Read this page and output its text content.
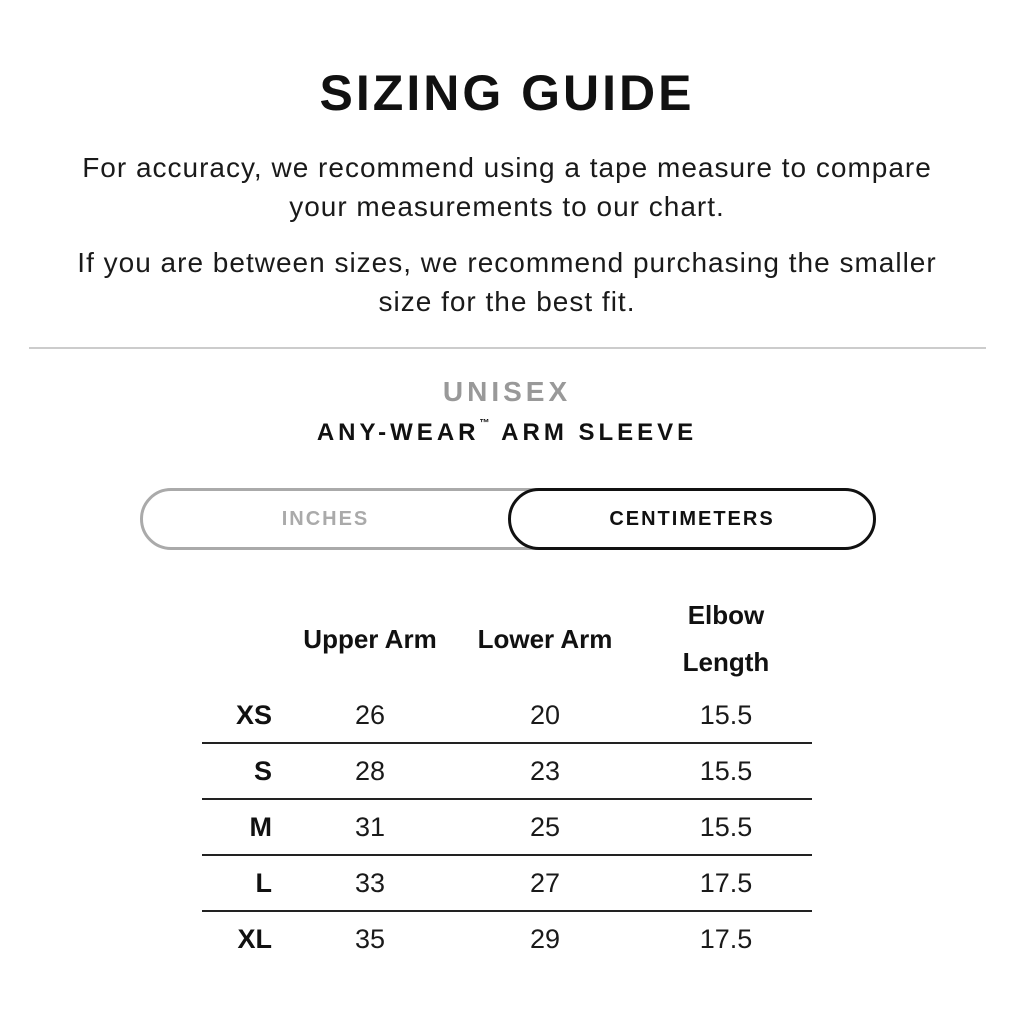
SIZING GUIDE

For accuracy, we recommend using a tape measure to compare your measurements to our chart.

If you are between sizes, we recommend purchasing the smaller size for the best fit.

UNISEX
ANY-WEAR™ ARM SLEEVE
INCHES	CENTIMETERS
	Upper Arm	Lower Arm	Elbow
Length
XS	26	20	15.5
S	28	23	15.5
M	31	25	15.5
L	33	27	17.5
XL	35	29	17.5
